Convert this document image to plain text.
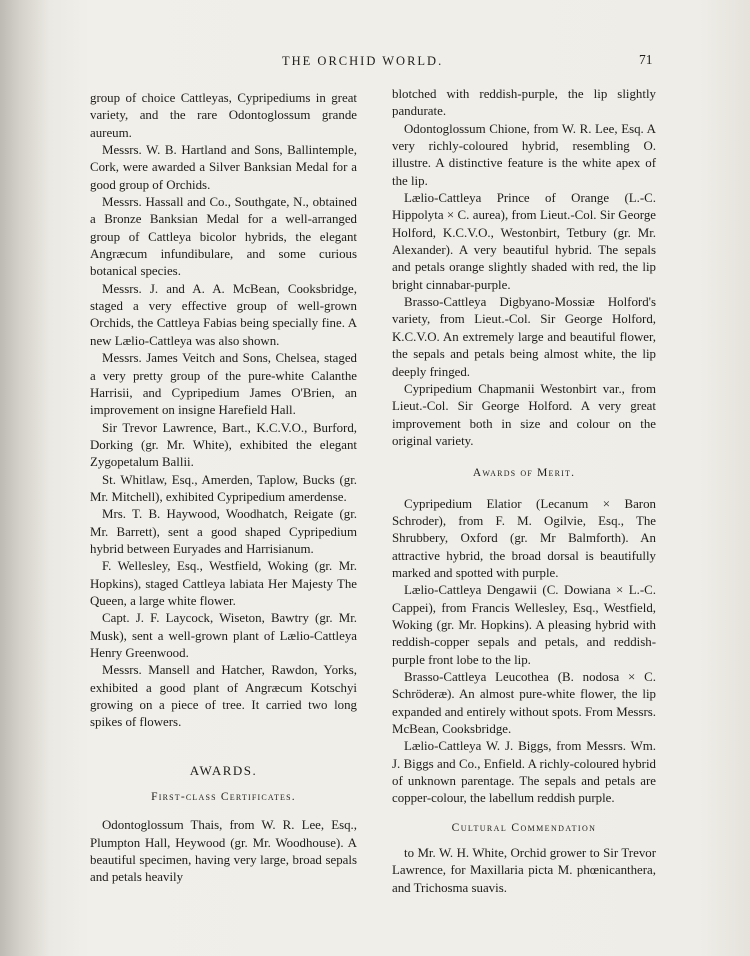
THE ORCHID WORLD.	71

group of choice Cattleyas, Cypripediums in great variety, and the rare Odontoglossum grande aureum.

Messrs. W. B. Hartland and Sons, Ballintemple, Cork, were awarded a Silver Banksian Medal for a good group of Orchids.

Messrs. Hassall and Co., Southgate, N., obtained a Bronze Banksian Medal for a well-arranged group of Cattleya bicolor hybrids, the elegant Angræcum infundibulare, and some curious botanical species.

Messrs. J. and A. A. McBean, Cooksbridge, staged a very effective group of well-grown Orchids, the Cattleya Fabias being specially fine. A new Lælio-Cattleya was also shown.

Messrs. James Veitch and Sons, Chelsea, staged a very pretty group of the pure-white Calanthe Harrisii, and Cypripedium James O'Brien, an improvement on insigne Harefield Hall.

Sir Trevor Lawrence, Bart., K.C.V.O., Burford, Dorking (gr. Mr. White), exhibited the elegant Zygopetalum Ballii.

St. Whitlaw, Esq., Amerden, Taplow, Bucks (gr. Mr. Mitchell), exhibited Cypripedium amerdense.

Mrs. T. B. Haywood, Woodhatch, Reigate (gr. Mr. Barrett), sent a good shaped Cypripedium hybrid between Euryades and Harrisianum.

F. Wellesley, Esq., Westfield, Woking (gr. Mr. Hopkins), staged Cattleya labiata Her Majesty The Queen, a large white flower.

Capt. J. F. Laycock, Wiseton, Bawtry (gr. Mr. Musk), sent a well-grown plant of Lælio-Cattleya Henry Greenwood.

Messrs. Mansell and Hatcher, Rawdon, Yorks, exhibited a good plant of Angræcum Kotschyi growing on a piece of tree. It carried two long spikes of flowers.

AWARDS.

First-class Certificates.

Odontoglossum Thais, from W. R. Lee, Esq., Plumpton Hall, Heywood (gr. Mr. Woodhouse). A beautiful specimen, having very large, broad sepals and petals heavily

blotched with reddish-purple, the lip slightly pandurate.

Odontoglossum Chione, from W. R. Lee, Esq. A very richly-coloured hybrid, resembling O. illustre. A distinctive feature is the white apex of the lip.

Lælio-Cattleya Prince of Orange (L.-C. Hippolyta × C. aurea), from Lieut.-Col. Sir George Holford, K.C.V.O., Westonbirt, Tetbury (gr. Mr. Alexander). A very beautiful hybrid. The sepals and petals orange slightly shaded with red, the lip bright cinnabar-purple.

Brasso-Cattleya Digbyano-Mossiæ Holford's variety, from Lieut.-Col. Sir George Holford, K.C.V.O. An extremely large and beautiful flower, the sepals and petals being almost white, the lip deeply fringed.

Cypripedium Chapmanii Westonbirt var., from Lieut.-Col. Sir George Holford. A very great improvement both in size and colour on the original variety.

Awards of Merit.

Cypripedium Elatior (Lecanum × Baron Schroder), from F. M. Ogilvie, Esq., The Shrubbery, Oxford (gr. Mr Balmforth). An attractive hybrid, the broad dorsal is beautifully marked and spotted with purple.

Lælio-Cattleya Dengawii (C. Dowiana × L.-C. Cappei), from Francis Wellesley, Esq., Westfield, Woking (gr. Mr. Hopkins). A pleasing hybrid with reddish-copper sepals and petals, and reddish-purple front lobe to the lip.

Brasso-Cattleya Leucothea (B. nodosa × C. Schröderæ). An almost pure-white flower, the lip expanded and entirely without spots. From Messrs. McBean, Cooksbridge.

Lælio-Cattleya W. J. Biggs, from Messrs. Wm. J. Biggs and Co., Enfield. A richly-coloured hybrid of unknown parentage. The sepals and petals are copper-colour, the labellum reddish purple.

Cultural Commendation

to Mr. W. H. White, Orchid grower to Sir Trevor Lawrence, for Maxillaria picta M. phœnicanthera, and Trichosma suavis.
